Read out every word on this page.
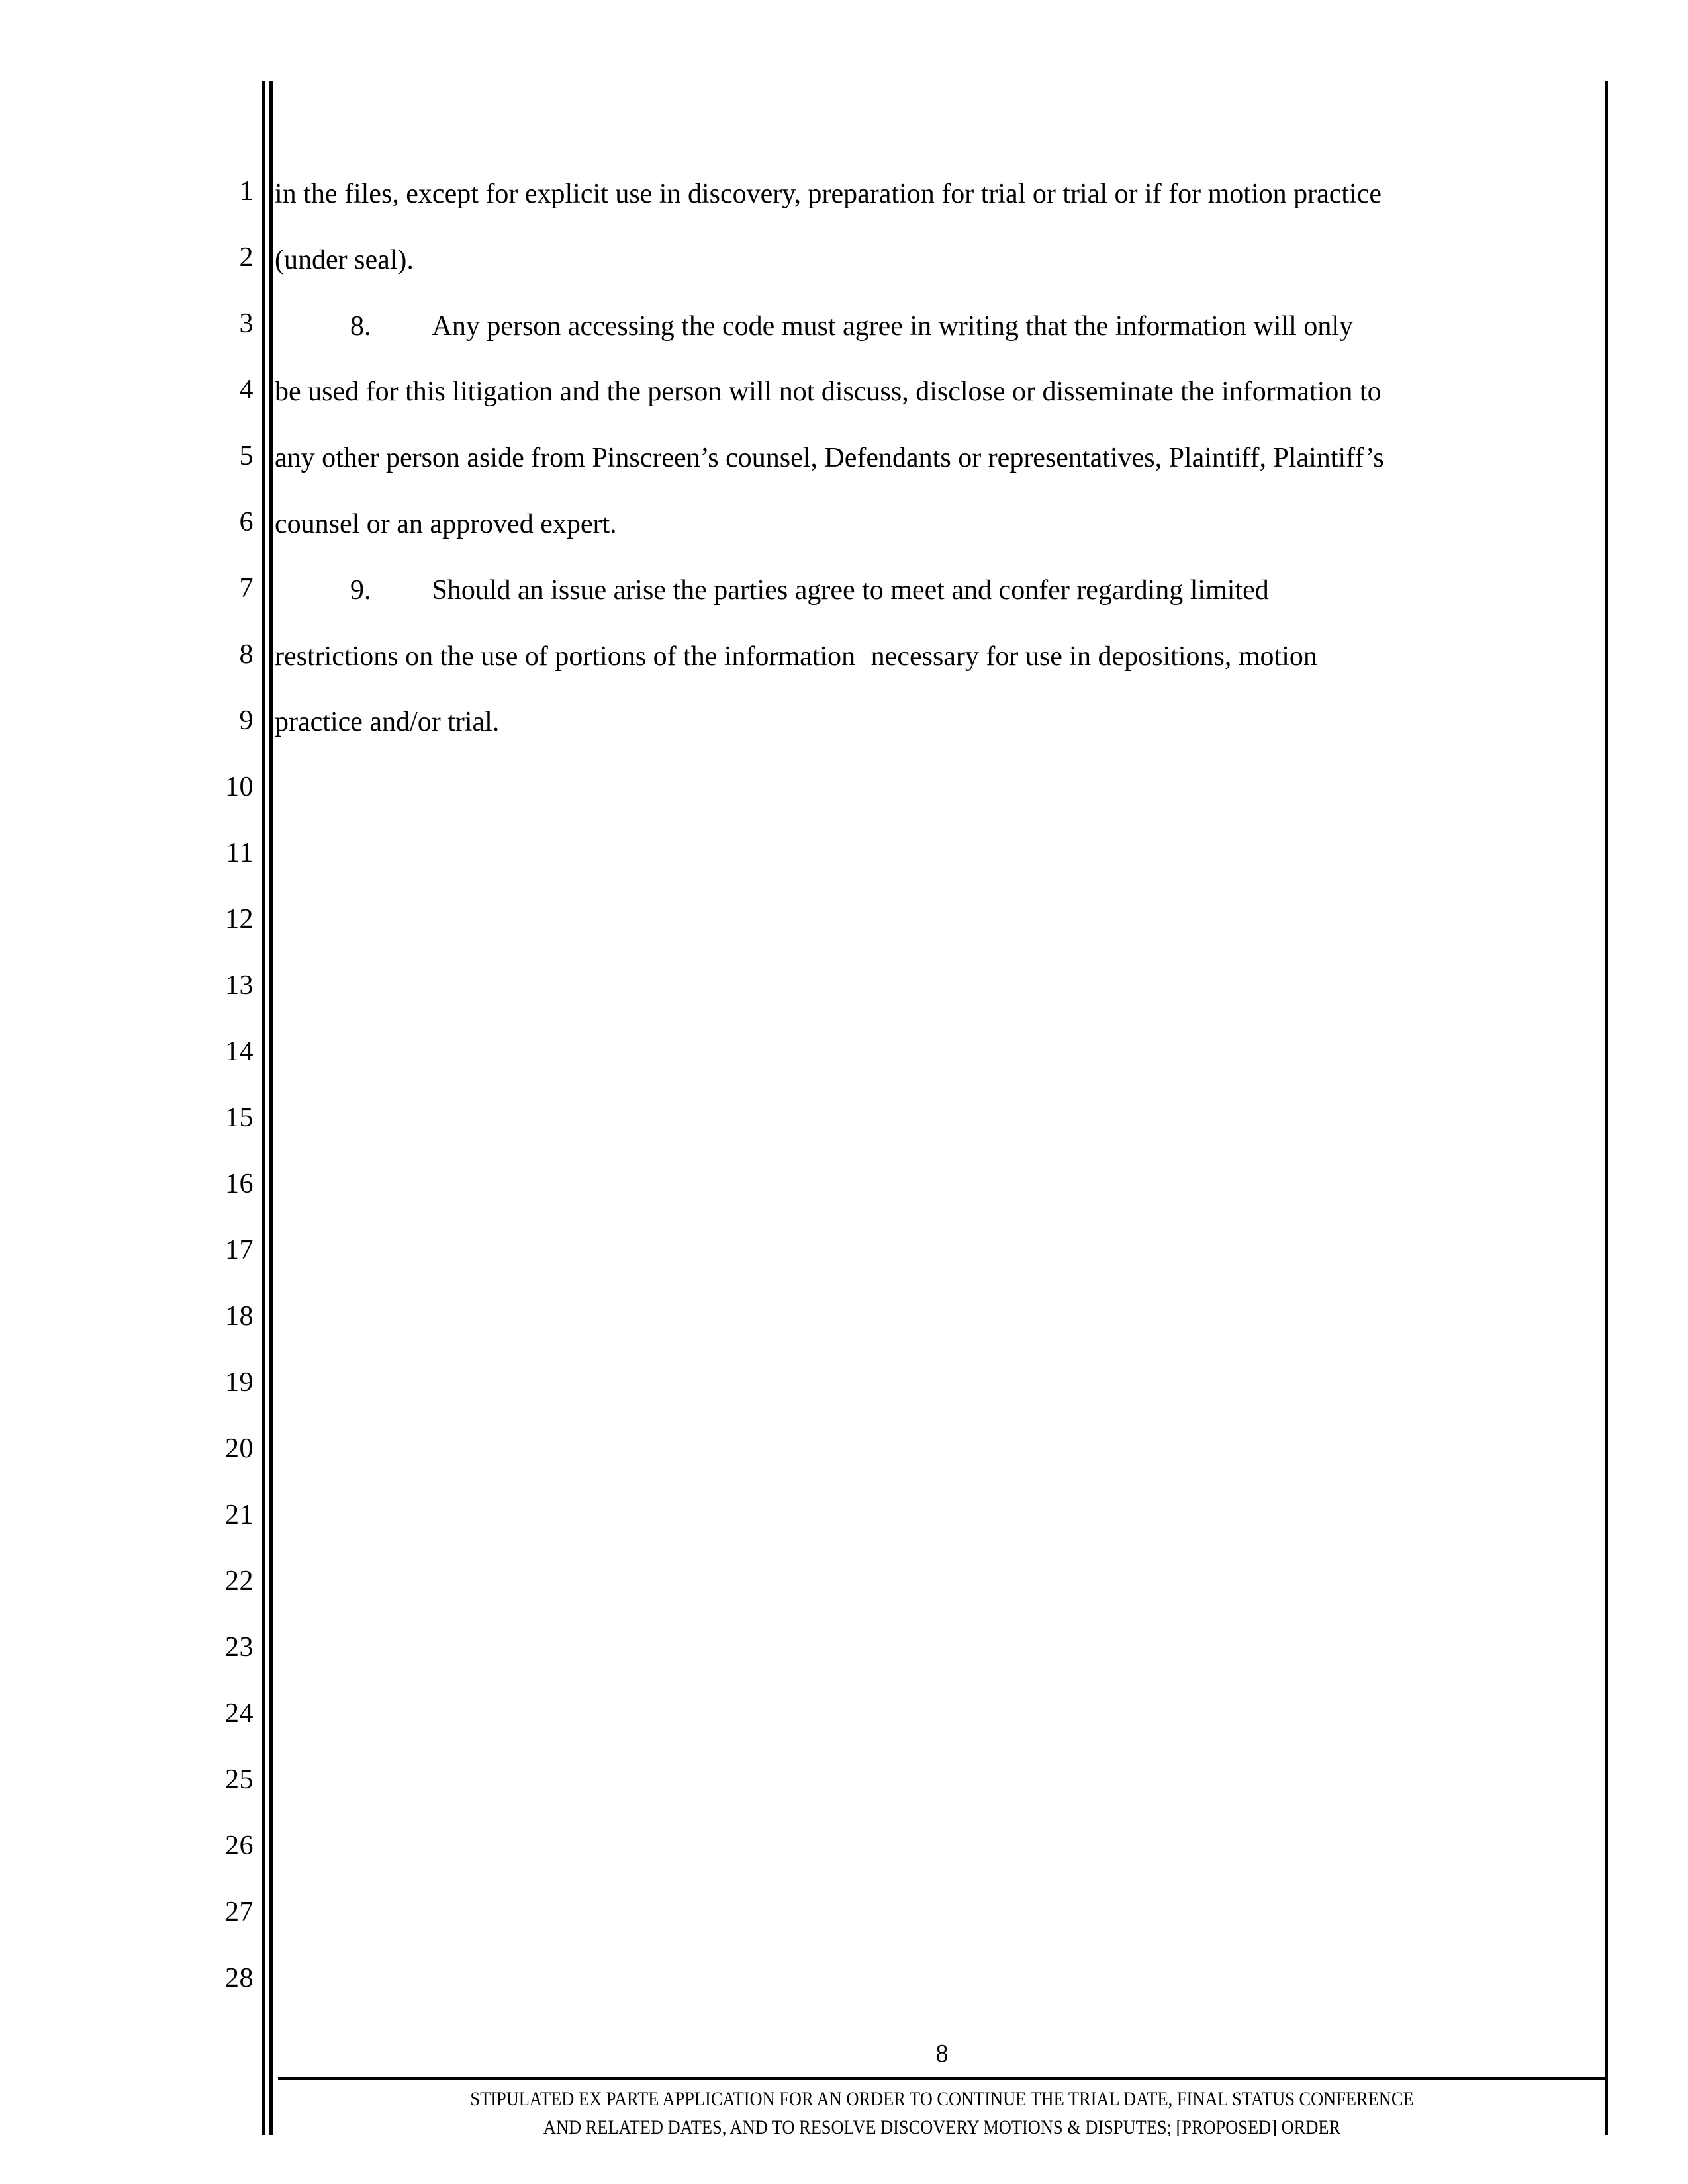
1
2
3
4
5
6
7
8
9
10
11
12
13
14
15
16
17
18
19
20
21
22
23
24
25
26
27
28

in the files, except for explicit use in discovery, preparation for trial or trial or if for motion practice

(under seal).

8. Any person accessing the code must agree in writing that the information will only

be used for this litigation and the person will not discuss, disclose or disseminate the information to

any other person aside from Pinscreen’s counsel, Defendants or representatives, Plaintiff, Plaintiff’s

counsel or an approved expert.

9. Should an issue arise the parties agree to meet and confer regarding limited

restrictions on the use of portions of the information necessary for use in depositions, motion

practice and/or trial.

8
STIPULATED EX PARTE APPLICATION FOR AN ORDER TO CONTINUE THE TRIAL DATE, FINAL STATUS CONFERENCE
AND RELATED DATES, AND TO RESOLVE DISCOVERY MOTIONS & DISPUTES; [PROPOSED] ORDER
